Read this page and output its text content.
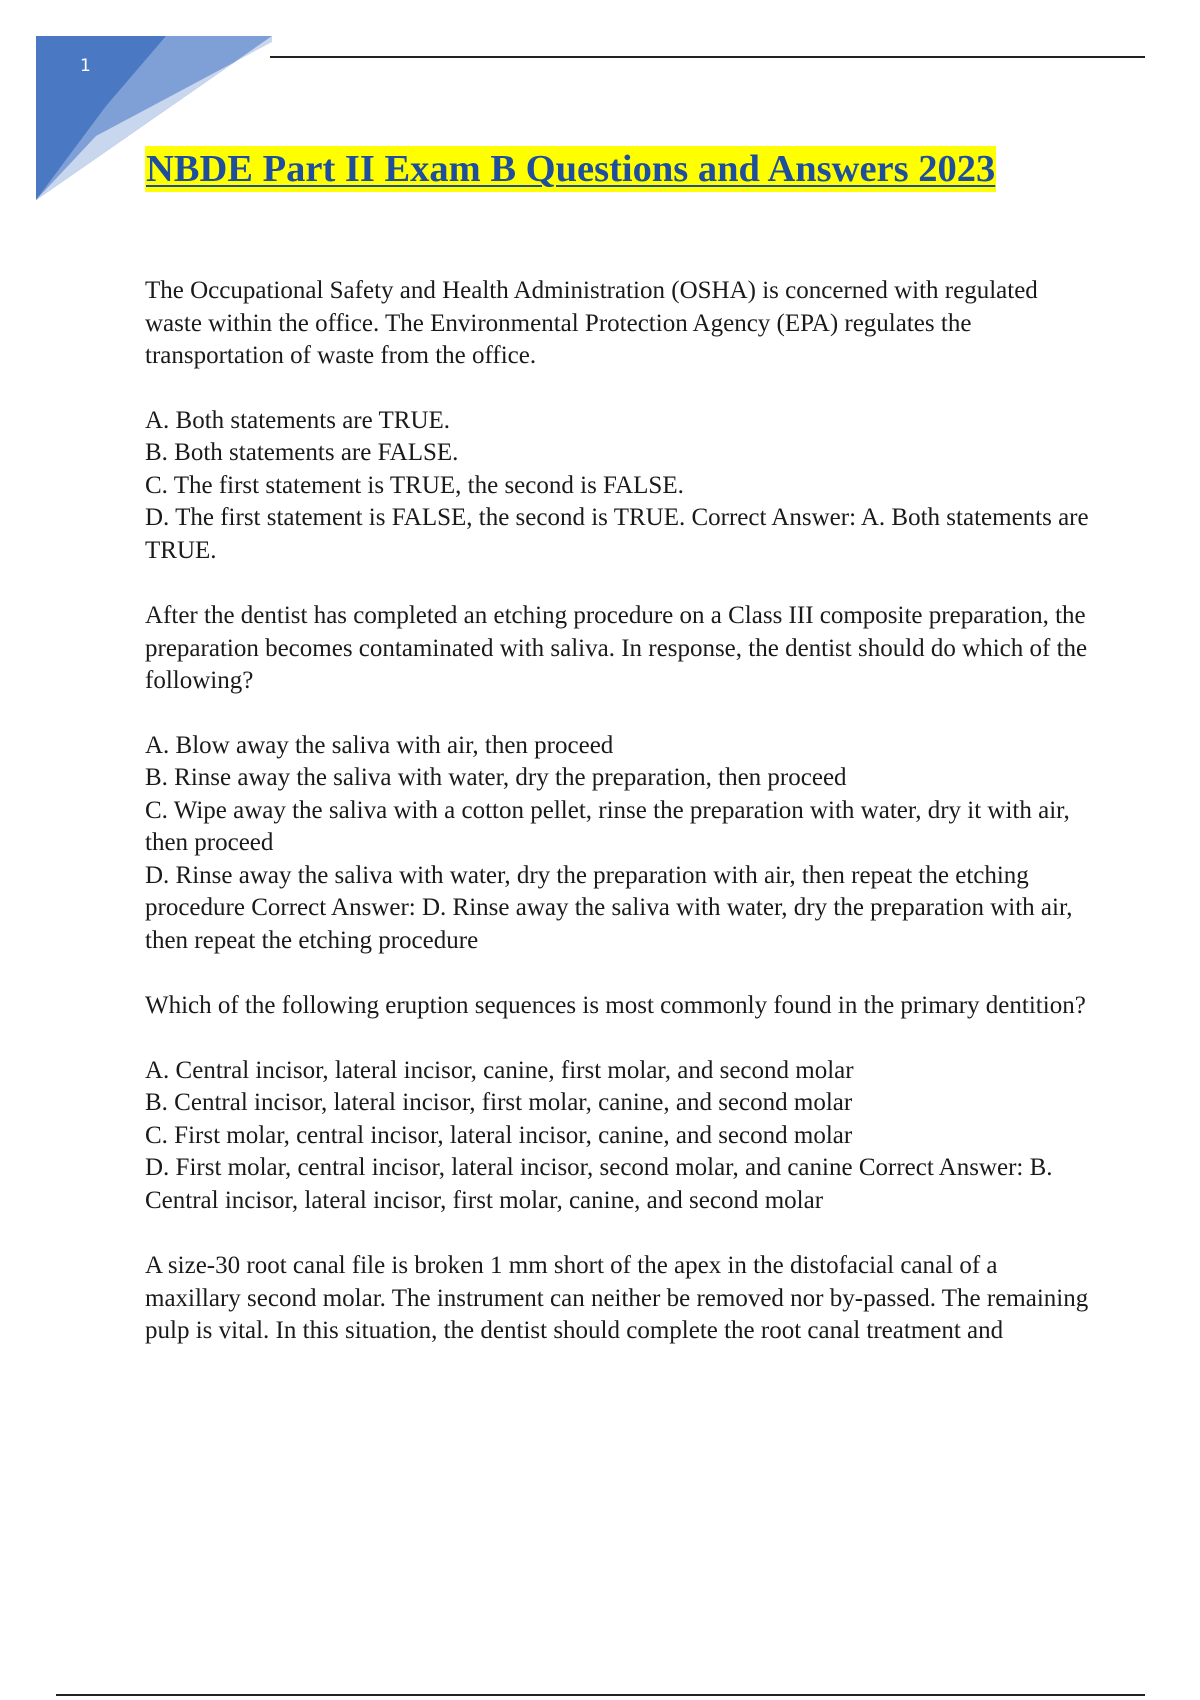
1
NBDE Part II Exam B Questions and Answers 2023

The Occupational Safety and Health Administration (OSHA) is concerned with regulated waste within the office. The Environmental Protection Agency (EPA) regulates the transportation of waste from the office.

A. Both statements are TRUE.
B. Both statements are FALSE.
C. The first statement is TRUE, the second is FALSE.
D. The first statement is FALSE, the second is TRUE. Correct Answer: A. Both statements are TRUE.

After the dentist has completed an etching procedure on a Class III composite preparation, the preparation becomes contaminated with saliva. In response, the dentist should do which of the following?

A. Blow away the saliva with air, then proceed
B. Rinse away the saliva with water, dry the preparation, then proceed
C. Wipe away the saliva with a cotton pellet, rinse the preparation with water, dry it with air, then proceed
D. Rinse away the saliva with water, dry the preparation with air, then repeat the etching procedure Correct Answer: D. Rinse away the saliva with water, dry the preparation with air, then repeat the etching procedure

Which of the following eruption sequences is most commonly found in the primary dentition?

A. Central incisor, lateral incisor, canine, first molar, and second molar
B. Central incisor, lateral incisor, first molar, canine, and second molar
C. First molar, central incisor, lateral incisor, canine, and second molar
D. First molar, central incisor, lateral incisor, second molar, and canine Correct Answer: B. Central incisor, lateral incisor, first molar, canine, and second molar

A size-30 root canal file is broken 1 mm short of the apex in the distofacial canal of a maxillary second molar. The instrument can neither be removed nor by-passed. The remaining pulp is vital. In this situation, the dentist should complete the root canal treatment and
